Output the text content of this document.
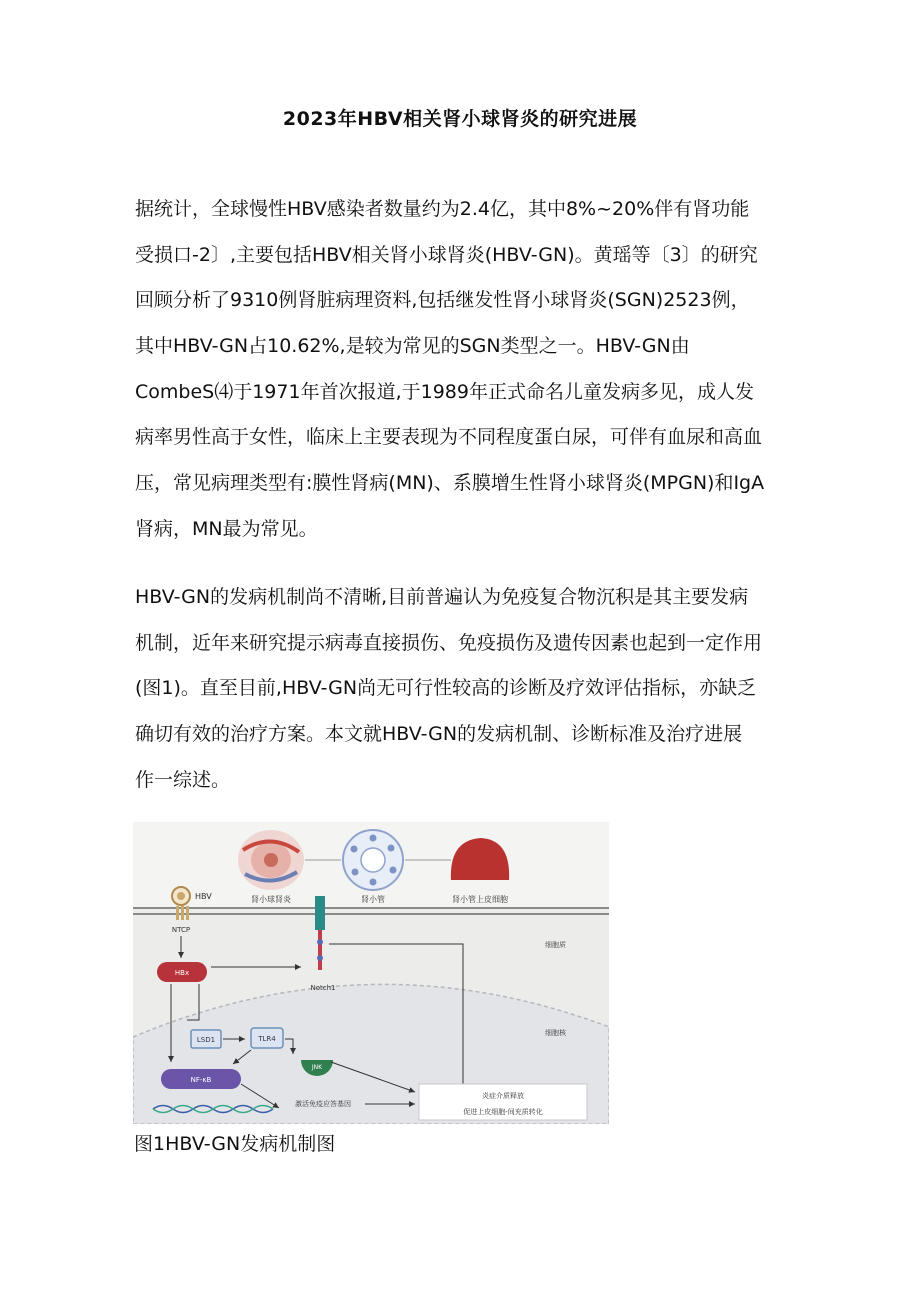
2023年HBV相关肾小球肾炎的研究进展
据统计，全球慢性HBV感染者数量约为2.4亿，其中8%~20%伴有肾功能
受损口-2〕,主要包括HBV相关肾小球肾炎(HBV-GN)。黄瑶等〔3〕的研究
回顾分析了9310例肾脏病理资料,包括继发性肾小球肾炎(SGN)2523例，
其中HBV-GN占10.62%,是较为常见的SGN类型之一。HBV-GN由
CombeS⑷于1971年首次报道,于1989年正式命名儿童发病多见，成人发
病率男性高于女性，临床上主要表现为不同程度蛋白尿，可伴有血尿和高血
压，常见病理类型有:膜性肾病(MN)、系膜增生性肾小球肾炎(MPGN)和IgA
肾病，MN最为常见。
HBV-GN的发病机制尚不清晰,目前普遍认为免疫复合物沉积是其主要发病
机制，近年来研究提示病毒直接损伤、免疫损伤及遗传因素也起到一定作用
(图1)。直至目前,HBV-GN尚无可行性较高的诊断及疗效评估指标，亦缺乏
确切有效的治疗方案。本文就HBV-GN的发病机制、诊断标准及治疗进展
作一综述。
肾小球肾炎	肾小管	肾小管上皮细胞
HBV
NTCP
Notch1
细胞质
细胞核
HBx
LSD1	TLR4
JNK
NF-κB
激活免疫应答基因
炎症介质释放
促进上皮细胞-间充质转化
图1HBV-GN发病机制图
